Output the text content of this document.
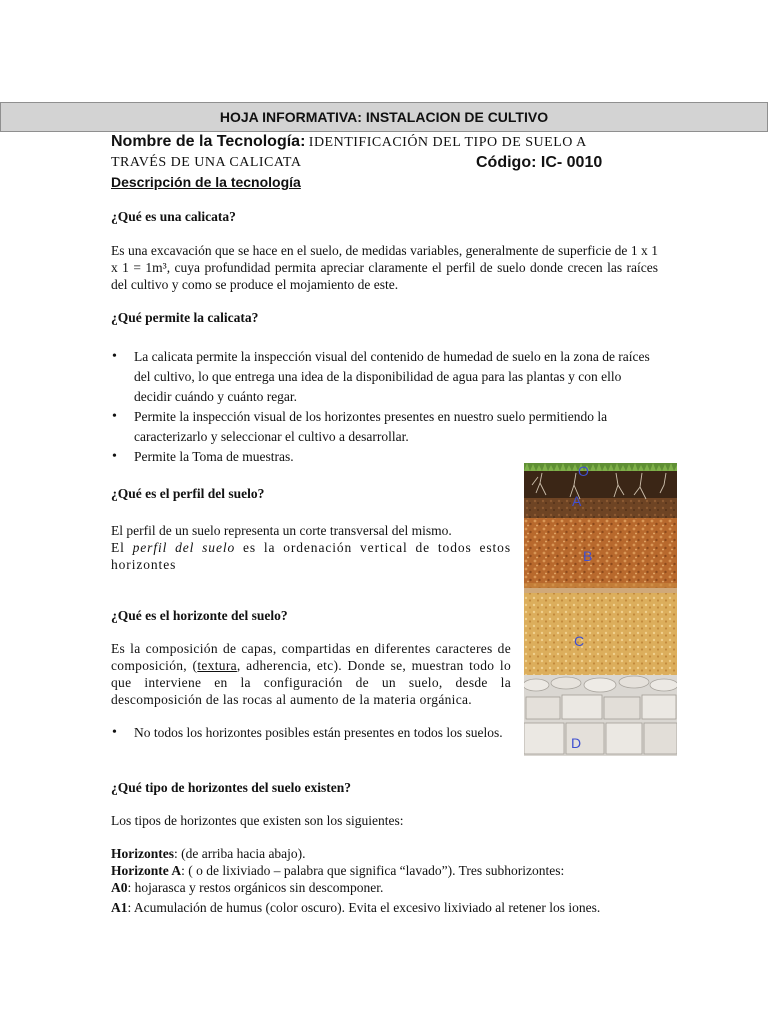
HOJA INFORMATIVA: INSTALACION DE CULTIVO
Nombre de la Tecnología: IDENTIFICACIÓN DEL TIPO DE SUELO A
TRAVÉS DE UNA CALICATA	Código: IC- 0010
Descripción de la tecnología
¿Qué es una calicata?
Es una excavación que se hace en el suelo, de medidas variables, generalmente de superficie de 1 x 1 x 1 = 1m³, cuya profundidad permita apreciar claramente el perfil de suelo donde crecen las raíces del cultivo y como se produce el mojamiento de este.
¿Qué permite la calicata?
• La calicata permite la inspección visual del contenido de humedad de suelo en la zona de raíces del cultivo, lo que entrega una idea de la disponibilidad de agua para las plantas y con ello decidir cuándo y cuánto regar.
• Permite la inspección visual de los horizontes presentes en nuestro suelo permitiendo la caracterizarlo y seleccionar el cultivo a desarrollar.
• Permite la Toma de muestras.
¿Qué es el perfil del suelo?
El perfil de un suelo representa un corte transversal del mismo.
El perfil del suelo es la ordenación vertical de todos estos horizontes
¿Qué es el horizonte del suelo?
Es la composición de capas, compartidas en diferentes caracteres de composición, (textura, adherencia, etc). Donde se, muestran todo lo que interviene en la configuración de un suelo, desde la descomposición de las rocas al aumento de la materia orgánica.
• No todos los horizontes posibles están presentes en todos los suelos.
¿Qué tipo de horizontes del suelo existen?
Los tipos de horizontes que existen son los siguientes:
Horizontes: (de arriba hacia abajo).
Horizonte A: ( o de lixiviado – palabra que significa “lavado”). Tres subhorizontes:
A0: hojarasca y restos orgánicos sin descomponer.
A1: Acumulación de humus (color oscuro). Evita el excesivo lixiviado al retener los iones.
O
A
B
C
D
